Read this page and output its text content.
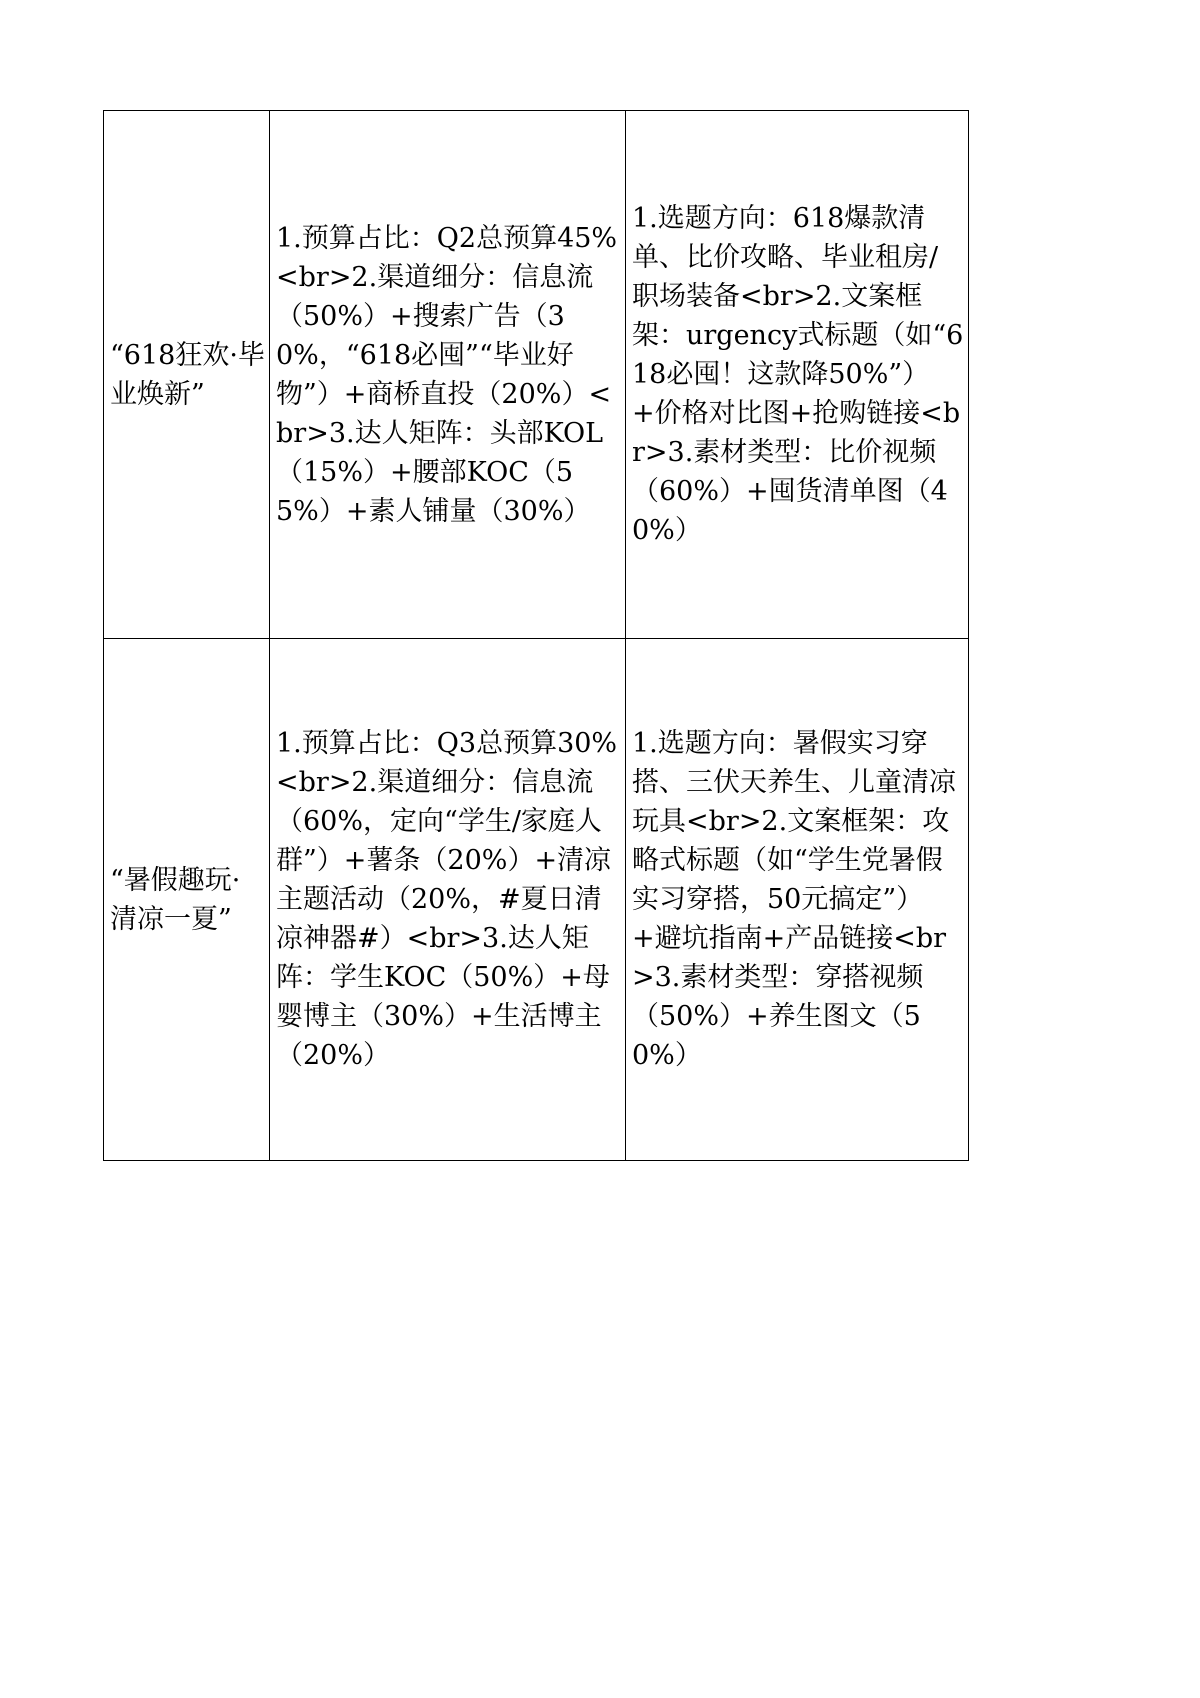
“618狂欢·毕业焕新”	1.预算占比：Q2总预算45%<br>2.渠道细分：信息流（50%）+搜索广告（30%，“618必囤”“毕业好物”）+商桥直投（20%）<br>3.达人矩阵：头部KOL（15%）+腰部KOC（55%）+素人铺量（30%）	1.选题方向：618爆款清单、比价攻略、毕业租房/职场装备<br>2.文案框架：urgency式标题（如“618必囤！这款降50%”）+价格对比图+抢购链接<br>3.素材类型：比价视频（60%）+囤货清单图（40%）
“暑假趣玩·清凉一夏”	1.预算占比：Q3总预算30%<br>2.渠道细分：信息流（60%，定向“学生/家庭人群”）+薯条（20%）+清凉主题活动（20%，#夏日清凉神器#）<br>3.达人矩阵：学生KOC（50%）+母婴博主（30%）+生活博主（20%）	1.选题方向：暑假实习穿搭、三伏天养生、儿童清凉玩具<br>2.文案框架：攻略式标题（如“学生党暑假实习穿搭，50元搞定”）+避坑指南+产品链接<br>3.素材类型：穿搭视频（50%）+养生图文（50%）
